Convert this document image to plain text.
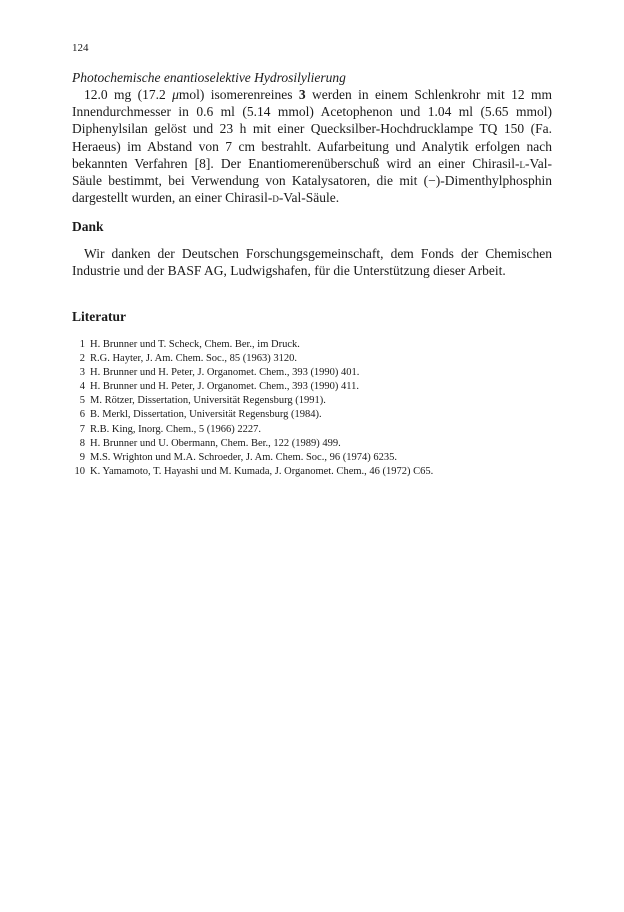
124
Photochemische enantioselektive Hydrosilylierung

12.0 mg (17.2 μmol) isomerenreines 3 werden in einem Schlenkrohr mit 12 mm Innendurchmesser in 0.6 ml (5.14 mmol) Acetophenon und 1.04 ml (5.65 mmol) Diphenylsilan gelöst und 23 h mit einer Quecksilber-Hochdrucklampe TQ 150 (Fa. Heraeus) im Abstand von 7 cm bestrahlt. Aufarbeitung und Analytik erfolgen nach bekannten Verfahren [8]. Der Enantiomerenüberschuß wird an einer Chirasil-l-Val-Säule bestimmt, bei Verwendung von Katalysatoren, die mit (−)-Dimenthylphosphin dargestellt wurden, an einer Chirasil-d-Val-Säule.

Dank

Wir danken der Deutschen Forschungsgemeinschaft, dem Fonds der Chemischen Industrie und der BASF AG, Ludwigshafen, für die Unterstützung dieser Arbeit.

Literatur
1 H. Brunner und T. Scheck, Chem. Ber., im Druck.
2 R.G. Hayter, J. Am. Chem. Soc., 85 (1963) 3120.
3 H. Brunner und H. Peter, J. Organomet. Chem., 393 (1990) 401.
4 H. Brunner und H. Peter, J. Organomet. Chem., 393 (1990) 411.
5 M. Rötzer, Dissertation, Universität Regensburg (1991).
6 B. Merkl, Dissertation, Universität Regensburg (1984).
7 R.B. King, Inorg. Chem., 5 (1966) 2227.
8 H. Brunner und U. Obermann, Chem. Ber., 122 (1989) 499.
9 M.S. Wrighton und M.A. Schroeder, J. Am. Chem. Soc., 96 (1974) 6235.
10 K. Yamamoto, T. Hayashi und M. Kumada, J. Organomet. Chem., 46 (1972) C65.
